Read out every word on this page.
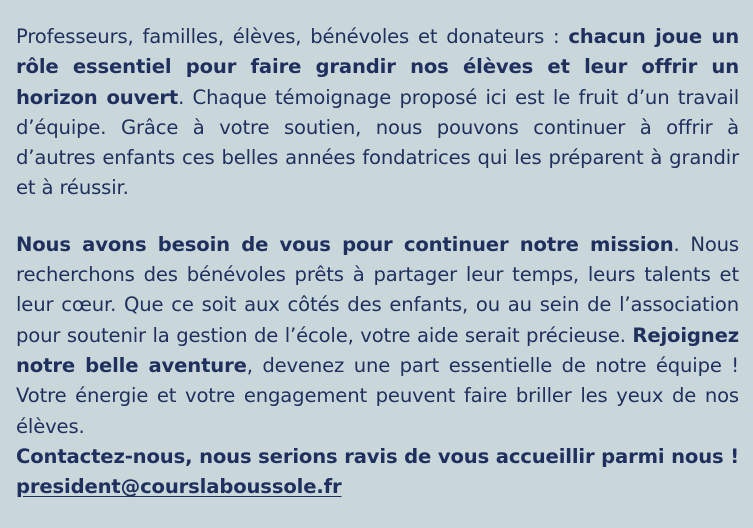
Professeurs, familles, élèves, bénévoles et donateurs : chacun joue un rôle essentiel pour faire grandir nos élèves et leur offrir un horizon ouvert. Chaque témoignage proposé ici est le fruit d’un travail d’équipe. Grâce à votre soutien, nous pouvons continuer à offrir à d’autres enfants ces belles années fondatrices qui les préparent à grandir et à réussir.

Nous avons besoin de vous pour continuer notre mission. Nous recherchons des bénévoles prêts à partager leur temps, leurs talents et leur cœur. Que ce soit aux côtés des enfants, ou au sein de l’association pour soutenir la gestion de l’école, votre aide serait précieuse. Rejoignez notre belle aventure, devenez une part essentielle de notre équipe ! Votre énergie et votre engagement peuvent faire briller les yeux de nos élèves.

Contactez-nous, nous serions ravis de vous accueillir parmi nous !

president@courslaboussole.fr
